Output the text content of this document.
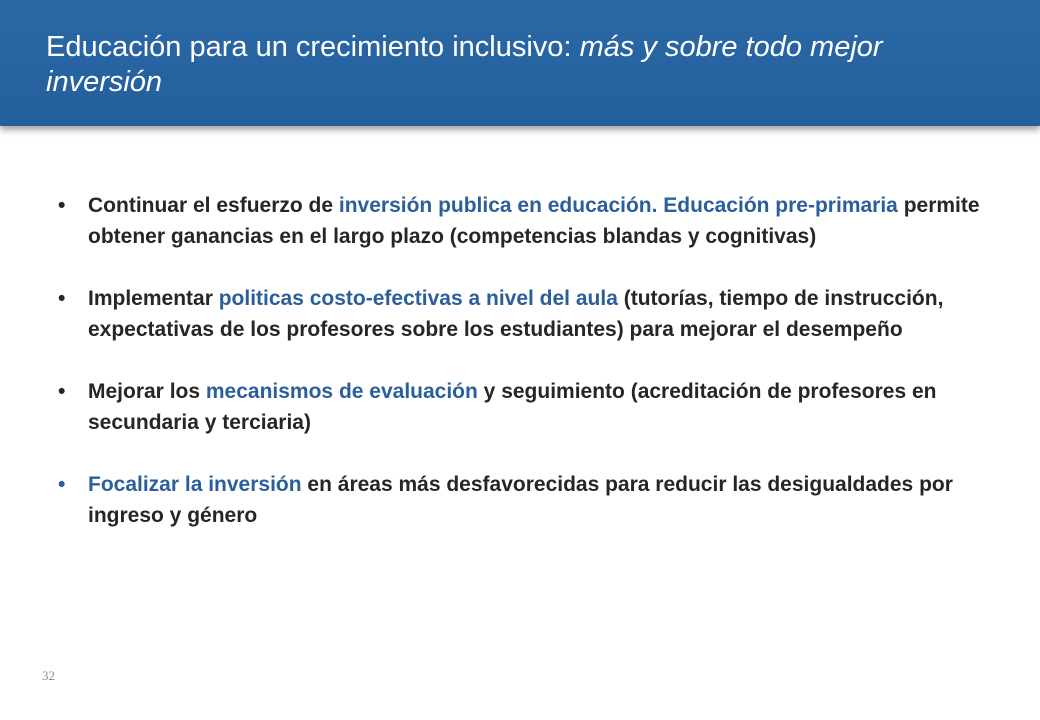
Educación para un crecimiento inclusivo: más y sobre todo mejor inversión
• Continuar el esfuerzo de inversión publica en educación. Educación pre-primaria permite obtener ganancias en el largo plazo (competencias blandas y cognitivas)
• Implementar politicas costo-efectivas a nivel del aula (tutorías, tiempo de instrucción, expectativas de los profesores sobre los estudiantes) para mejorar el desempeño
• Mejorar los mecanismos de evaluación y seguimiento (acreditación de profesores en secundaria y terciaria)
• Focalizar la inversión en áreas más desfavorecidas para reducir las desigualdades por ingreso y género
32
